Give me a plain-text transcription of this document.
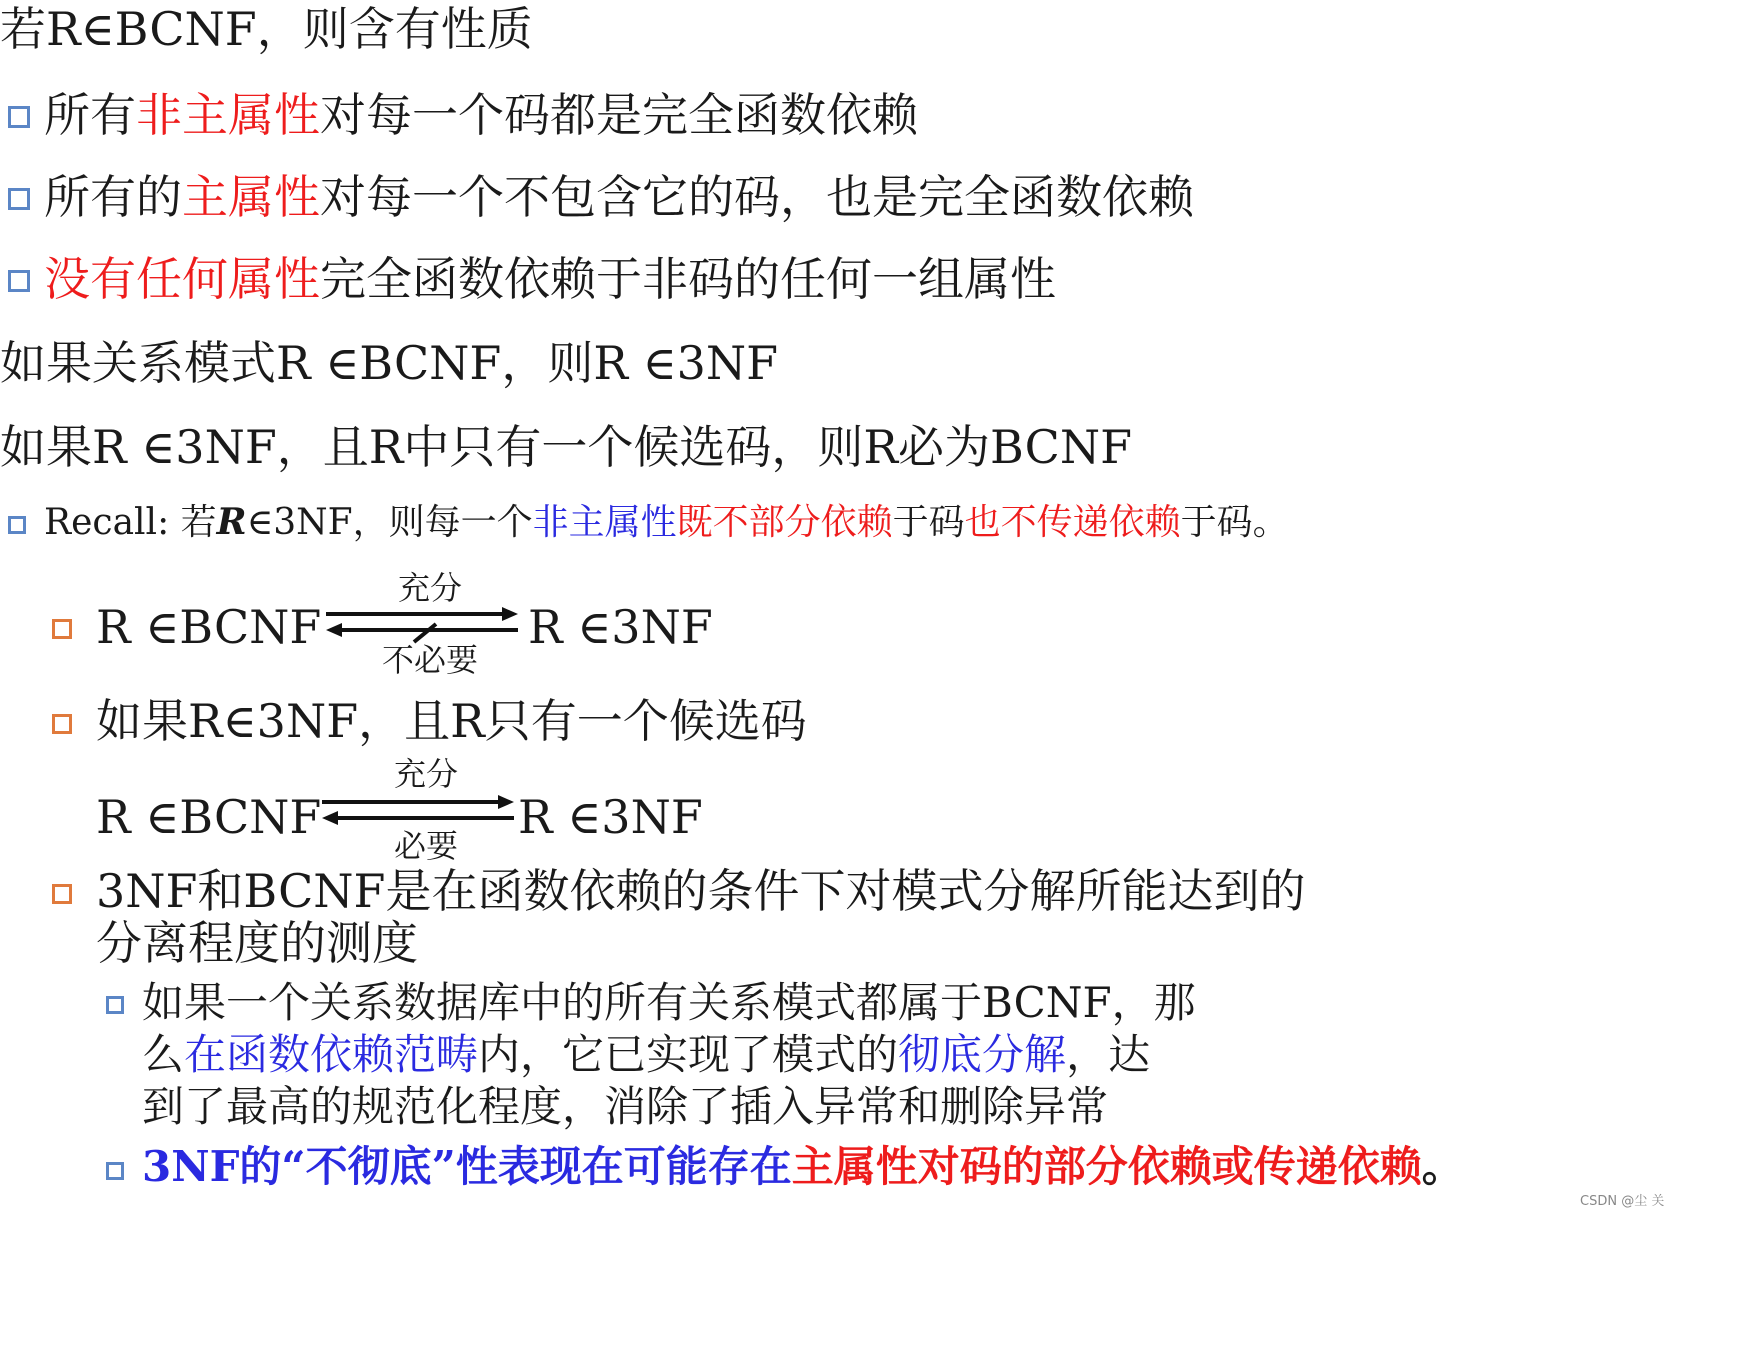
若R∈BCNF，则含有性质
所有非主属性对每一个码都是完全函数依赖
所有的主属性对每一个不包含它的码，也是完全函数依赖
没有任何属性完全函数依赖于非码的任何一组属性
如果关系模式R ∈BCNF，则R ∈3NF
如果R ∈3NF，且R中只有一个候选码，则R必为BCNF
Recall: 若R∈3NF，则每一个非主属性既不部分依赖于码也不传递依赖于码。
R ∈BCNF
充分
不必要
R ∈3NF
如果R∈3NF，且R只有一个候选码
充分
R ∈BCNF
必要
R ∈3NF
3NF和BCNF是在函数依赖的条件下对模式分解所能达到的
分离程度的测度
如果一个关系数据库中的所有关系模式都属于BCNF，那
么在函数依赖范畴内，它已实现了模式的彻底分解，达
到了最高的规范化程度，消除了插入异常和删除异常
3NF的“不彻底”性表现在可能存在主属性对码的部分依赖或传递依赖。
CSDN @尘 关
